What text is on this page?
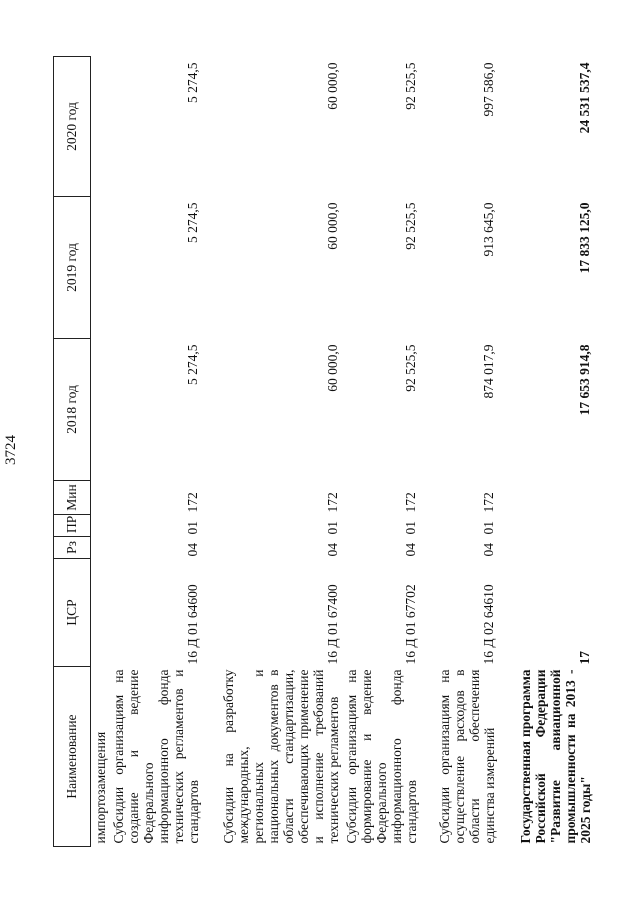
3724
Наименование	ЦСР	Рз	ПР	Мин	2018 год	2019 год	2020 год
импортозамещения							
Субсидии организациям на создание и ведение Федерального информационного фонда технических регламентов и стандартов	16 Д 01 64600	04	01	172	5 274,5	5 274,5	5 274,5
Субсидии на разработку международных, региональных и национальных документов в области стандартизации, обеспечивающих применение и исполнение требований технических регламентов	16 Д 01 67400	04	01	172	60 000,0	60 000,0	60 000,0
Субсидии организациям на формирование и ведение Федерального информационного фонда стандартов	16 Д 01 67702	04	01	172	92 525,5	92 525,5	92 525,5
Субсидии организациям на осуществление расходов в области обеспечения единства измерений	16 Д 02 64610	04	01	172	874 017,9	913 645,0	997 586,0
Государственная программа Российской Федерации "Развитие авиационной промышленности на 2013 - 2025 годы"	17				17 653 914,8	17 833 125,0	24 531 537,4
